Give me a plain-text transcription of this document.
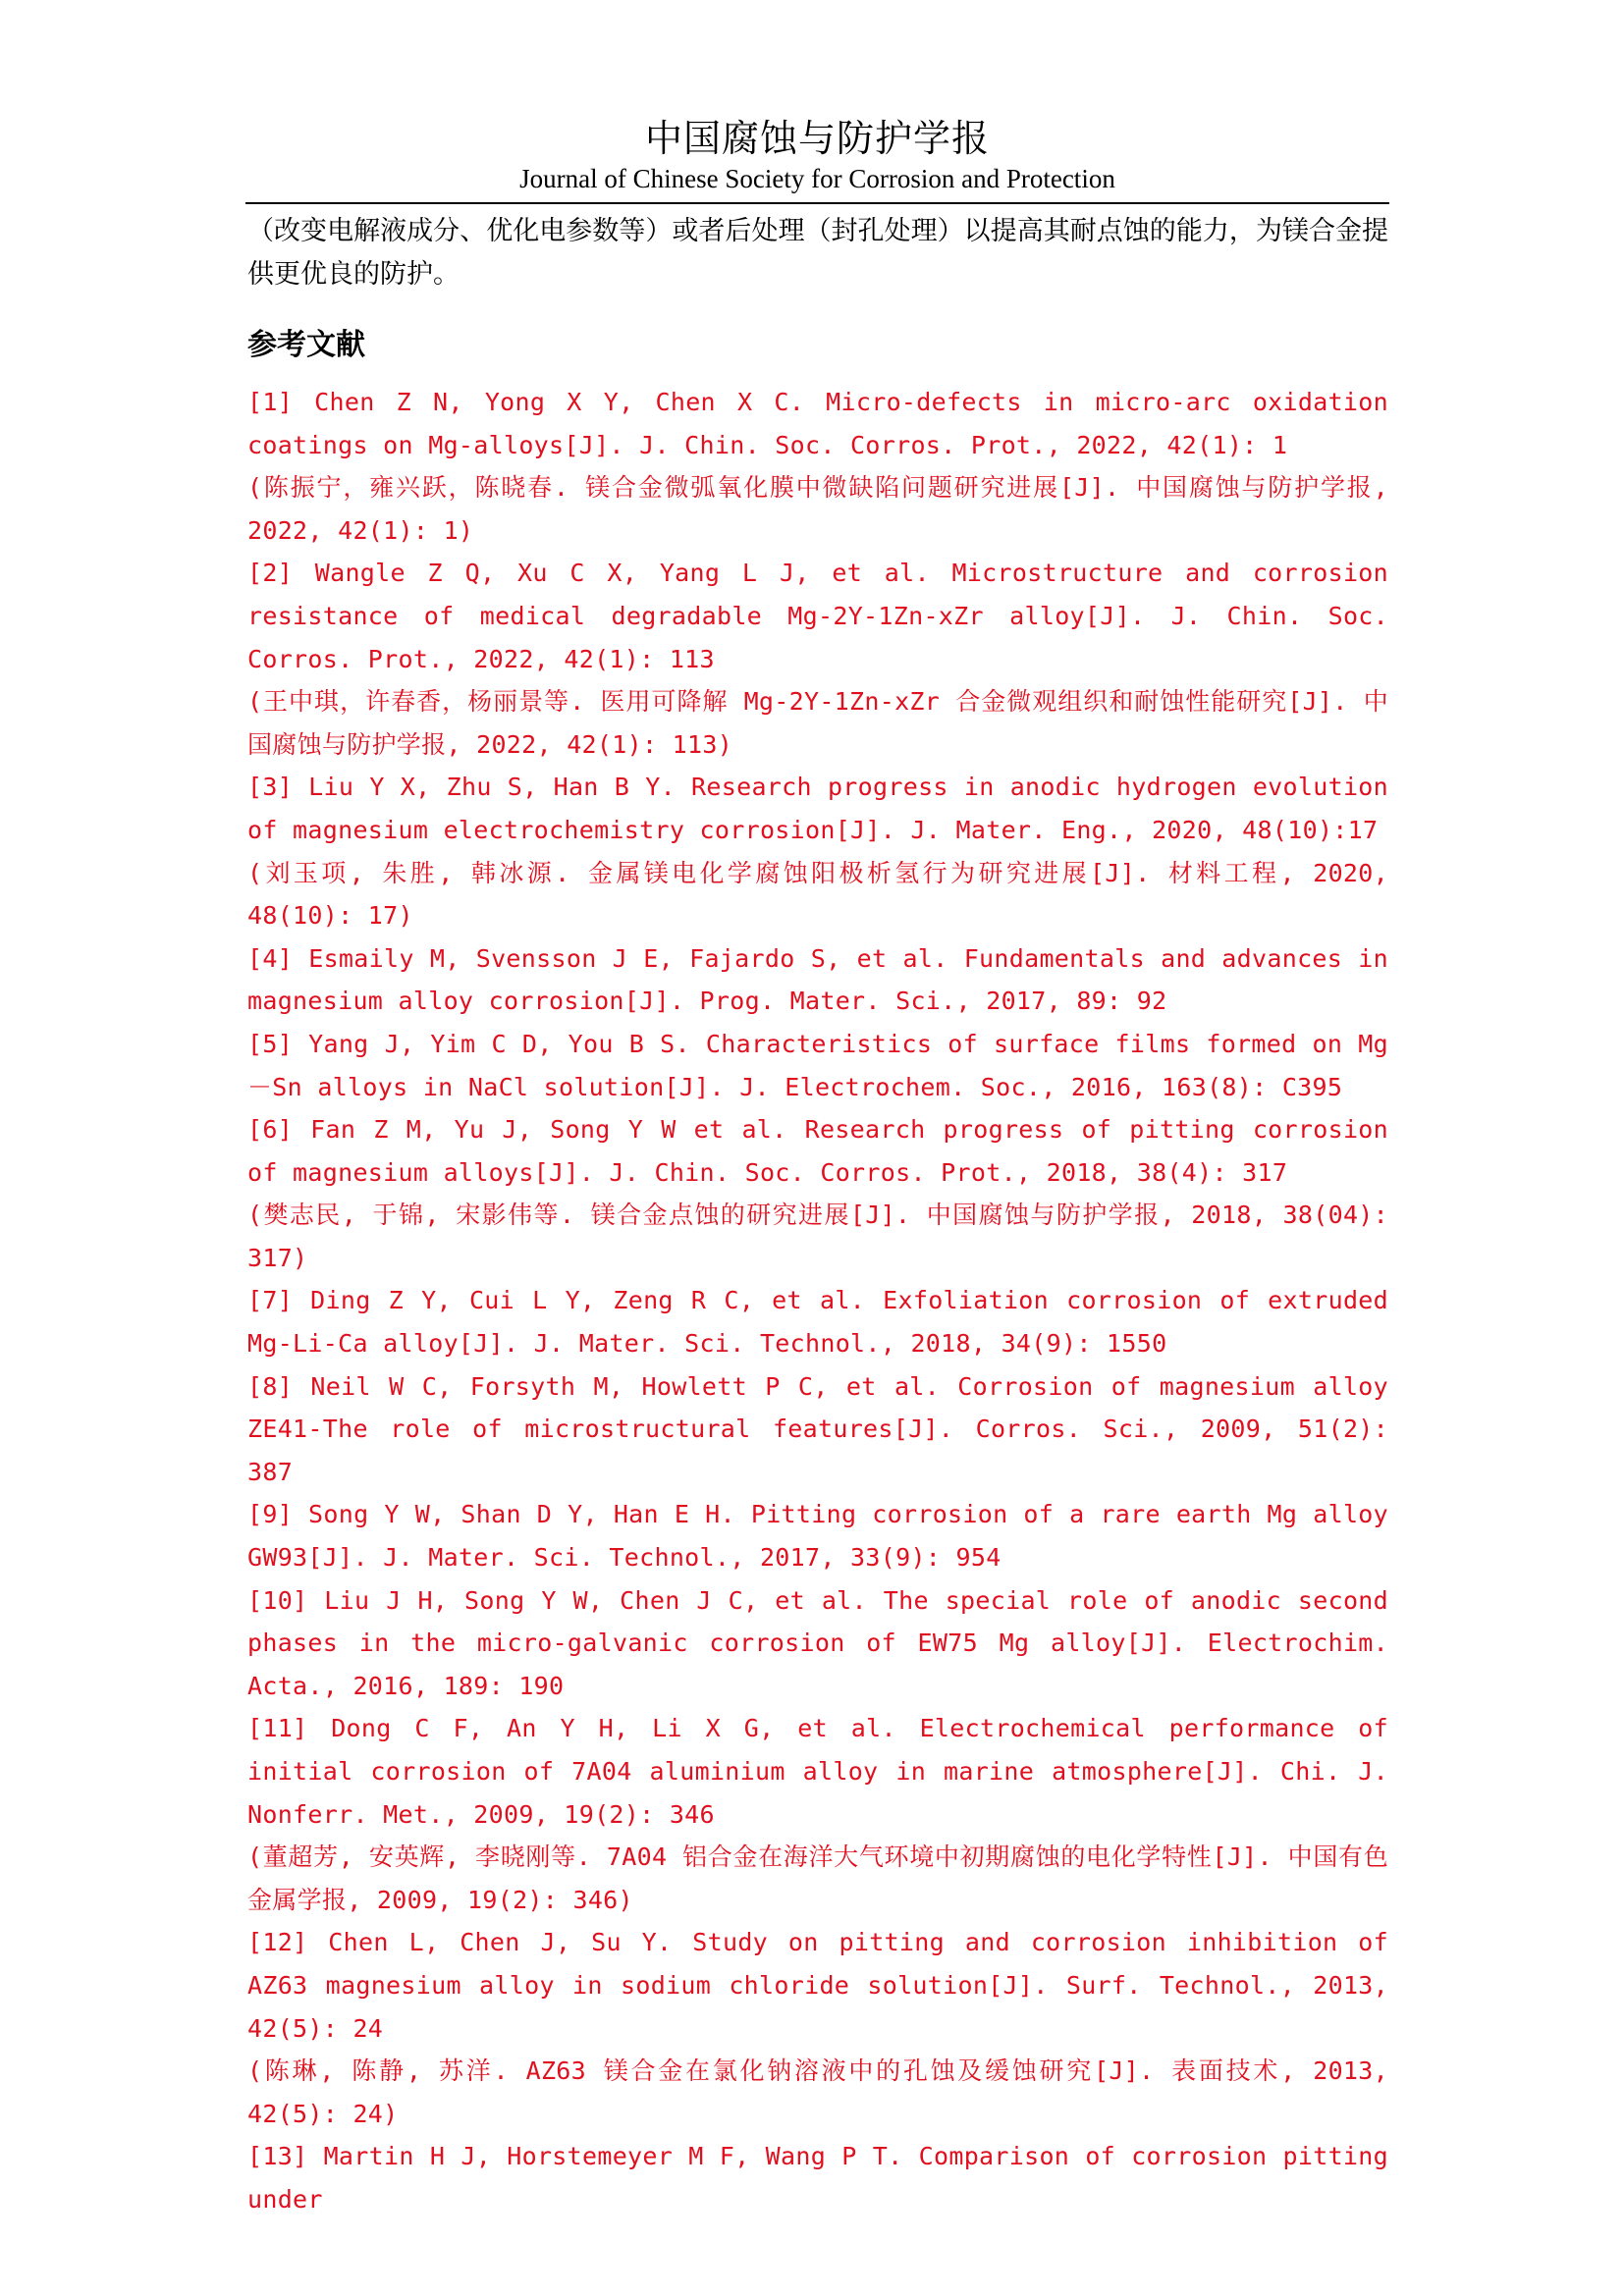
中国腐蚀与防护学报
Journal of Chinese Society for Corrosion and Protection

（改变电解液成分、优化电参数等）或者后处理（封孔处理）以提高其耐点蚀的能力，为镁合金提供更优良的防护。

参考文献
[1] Chen Z N, Yong X Y, Chen X C. Micro-defects in micro-arc oxidation coatings on Mg-alloys[J]. J. Chin. Soc. Corros. Prot., 2022, 42(1): 1
(陈振宁，雍兴跃，陈晓春. 镁合金微弧氧化膜中微缺陷问题研究进展[J]. 中国腐蚀与防护学报, 2022, 42(1): 1)
[2] Wangle Z Q, Xu C X, Yang L J, et al. Microstructure and corrosion resistance of medical degradable Mg-2Y-1Zn-xZr alloy[J]. J. Chin. Soc. Corros. Prot., 2022, 42(1): 113
(王中琪，许春香，杨丽景等. 医用可降解 Mg-2Y-1Zn-xZr 合金微观组织和耐蚀性能研究[J]. 中国腐蚀与防护学报, 2022, 42(1): 113)
[3] Liu Y X, Zhu S, Han B Y. Research progress in anodic hydrogen evolution of magnesium electrochemistry corrosion[J]. J. Mater. Eng., 2020, 48(10):17
(刘玉项, 朱胜, 韩冰源. 金属镁电化学腐蚀阳极析氢行为研究进展[J]. 材料工程, 2020, 48(10): 17)
[4] Esmaily M, Svensson J E, Fajardo S, et al. Fundamentals and advances in magnesium alloy corrosion[J]. Prog. Mater. Sci., 2017, 89: 92
[5] Yang J, Yim C D, You B S. Characteristics of surface films formed on Mg－Sn alloys in NaCl solution[J]. J. Electrochem. Soc., 2016, 163(8): C395
[6] Fan Z M, Yu J, Song Y W et al. Research progress of pitting corrosion of magnesium alloys[J]. J. Chin. Soc. Corros. Prot., 2018, 38(4): 317
(樊志民, 于锦, 宋影伟等. 镁合金点蚀的研究进展[J]. 中国腐蚀与防护学报, 2018, 38(04): 317)
[7] Ding Z Y, Cui L Y, Zeng R C, et al. Exfoliation corrosion of extruded Mg-Li-Ca alloy[J]. J. Mater. Sci. Technol., 2018, 34(9): 1550
[8] Neil W C, Forsyth M, Howlett P C, et al. Corrosion of magnesium alloy ZE41-The role of microstructural features[J]. Corros. Sci., 2009, 51(2): 387
[9] Song Y W, Shan D Y, Han E H. Pitting corrosion of a rare earth Mg alloy GW93[J]. J. Mater. Sci. Technol., 2017, 33(9): 954
[10] Liu J H, Song Y W, Chen J C, et al. The special role of anodic second phases in the micro-galvanic corrosion of EW75 Mg alloy[J]. Electrochim. Acta., 2016, 189: 190
[11] Dong C F, An Y H, Li X G, et al. Electrochemical performance of initial corrosion of 7A04 aluminium alloy in marine atmosphere[J]. Chi. J. Nonferr. Met., 2009, 19(2): 346
(董超芳, 安英辉, 李晓刚等. 7A04 铝合金在海洋大气环境中初期腐蚀的电化学特性[J]. 中国有色金属学报, 2009, 19(2): 346)
[12] Chen L, Chen J, Su Y. Study on pitting and corrosion inhibition of AZ63 magnesium alloy in sodium chloride solution[J]. Surf. Technol., 2013, 42(5): 24
(陈琳, 陈静, 苏洋. AZ63 镁合金在氯化钠溶液中的孔蚀及缓蚀研究[J]. 表面技术, 2013, 42(5): 24)
[13] Martin H J, Horstemeyer M F, Wang P T. Comparison of corrosion pitting under
